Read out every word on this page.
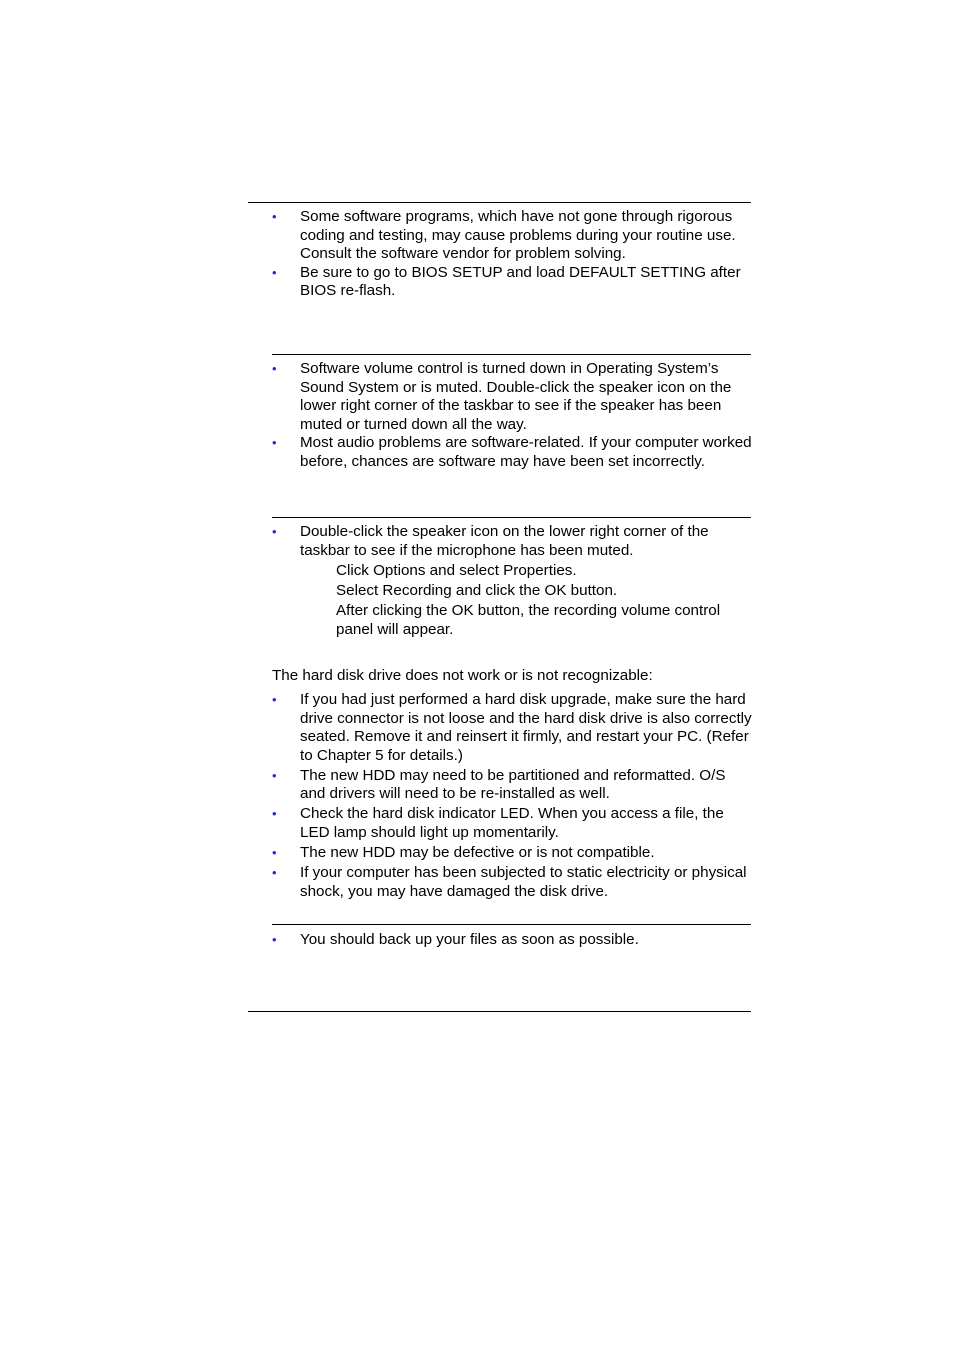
• Some software programs, which have not gone through rigorous coding and testing, may cause problems during your routine use. Consult the software vendor for problem solving.
• Be sure to go to BIOS SETUP and load DEFAULT SETTING after BIOS re-flash.
• Software volume control is turned down in Operating System’s Sound System or is muted. Double-click the speaker icon on the lower right corner of the taskbar to see if the speaker has been muted or turned down all the way.
• Most audio problems are software-related. If your computer worked before, chances are software may have been set incorrectly.
• Double-click the speaker icon on the lower right corner of the taskbar to see if the microphone has been muted.
Click Options and select Properties.
Select Recording and click the OK button.
After clicking the OK button, the recording volume control panel will appear.
The hard disk drive does not work or is not recognizable:
• If you had just performed a hard disk upgrade, make sure the hard drive connector is not loose and the hard disk drive is also correctly seated. Remove it and reinsert it firmly, and restart your PC. (Refer to Chapter 5 for details.)
• The new HDD may need to be partitioned and reformatted. O/S and drivers will need to be re-installed as well.
• Check the hard disk indicator LED. When you access a file, the LED lamp should light up momentarily.
• The new HDD may be defective or is not compatible.
• If your computer has been subjected to static electricity or physical shock, you may have damaged the disk drive.
• You should back up your files as soon as possible.
